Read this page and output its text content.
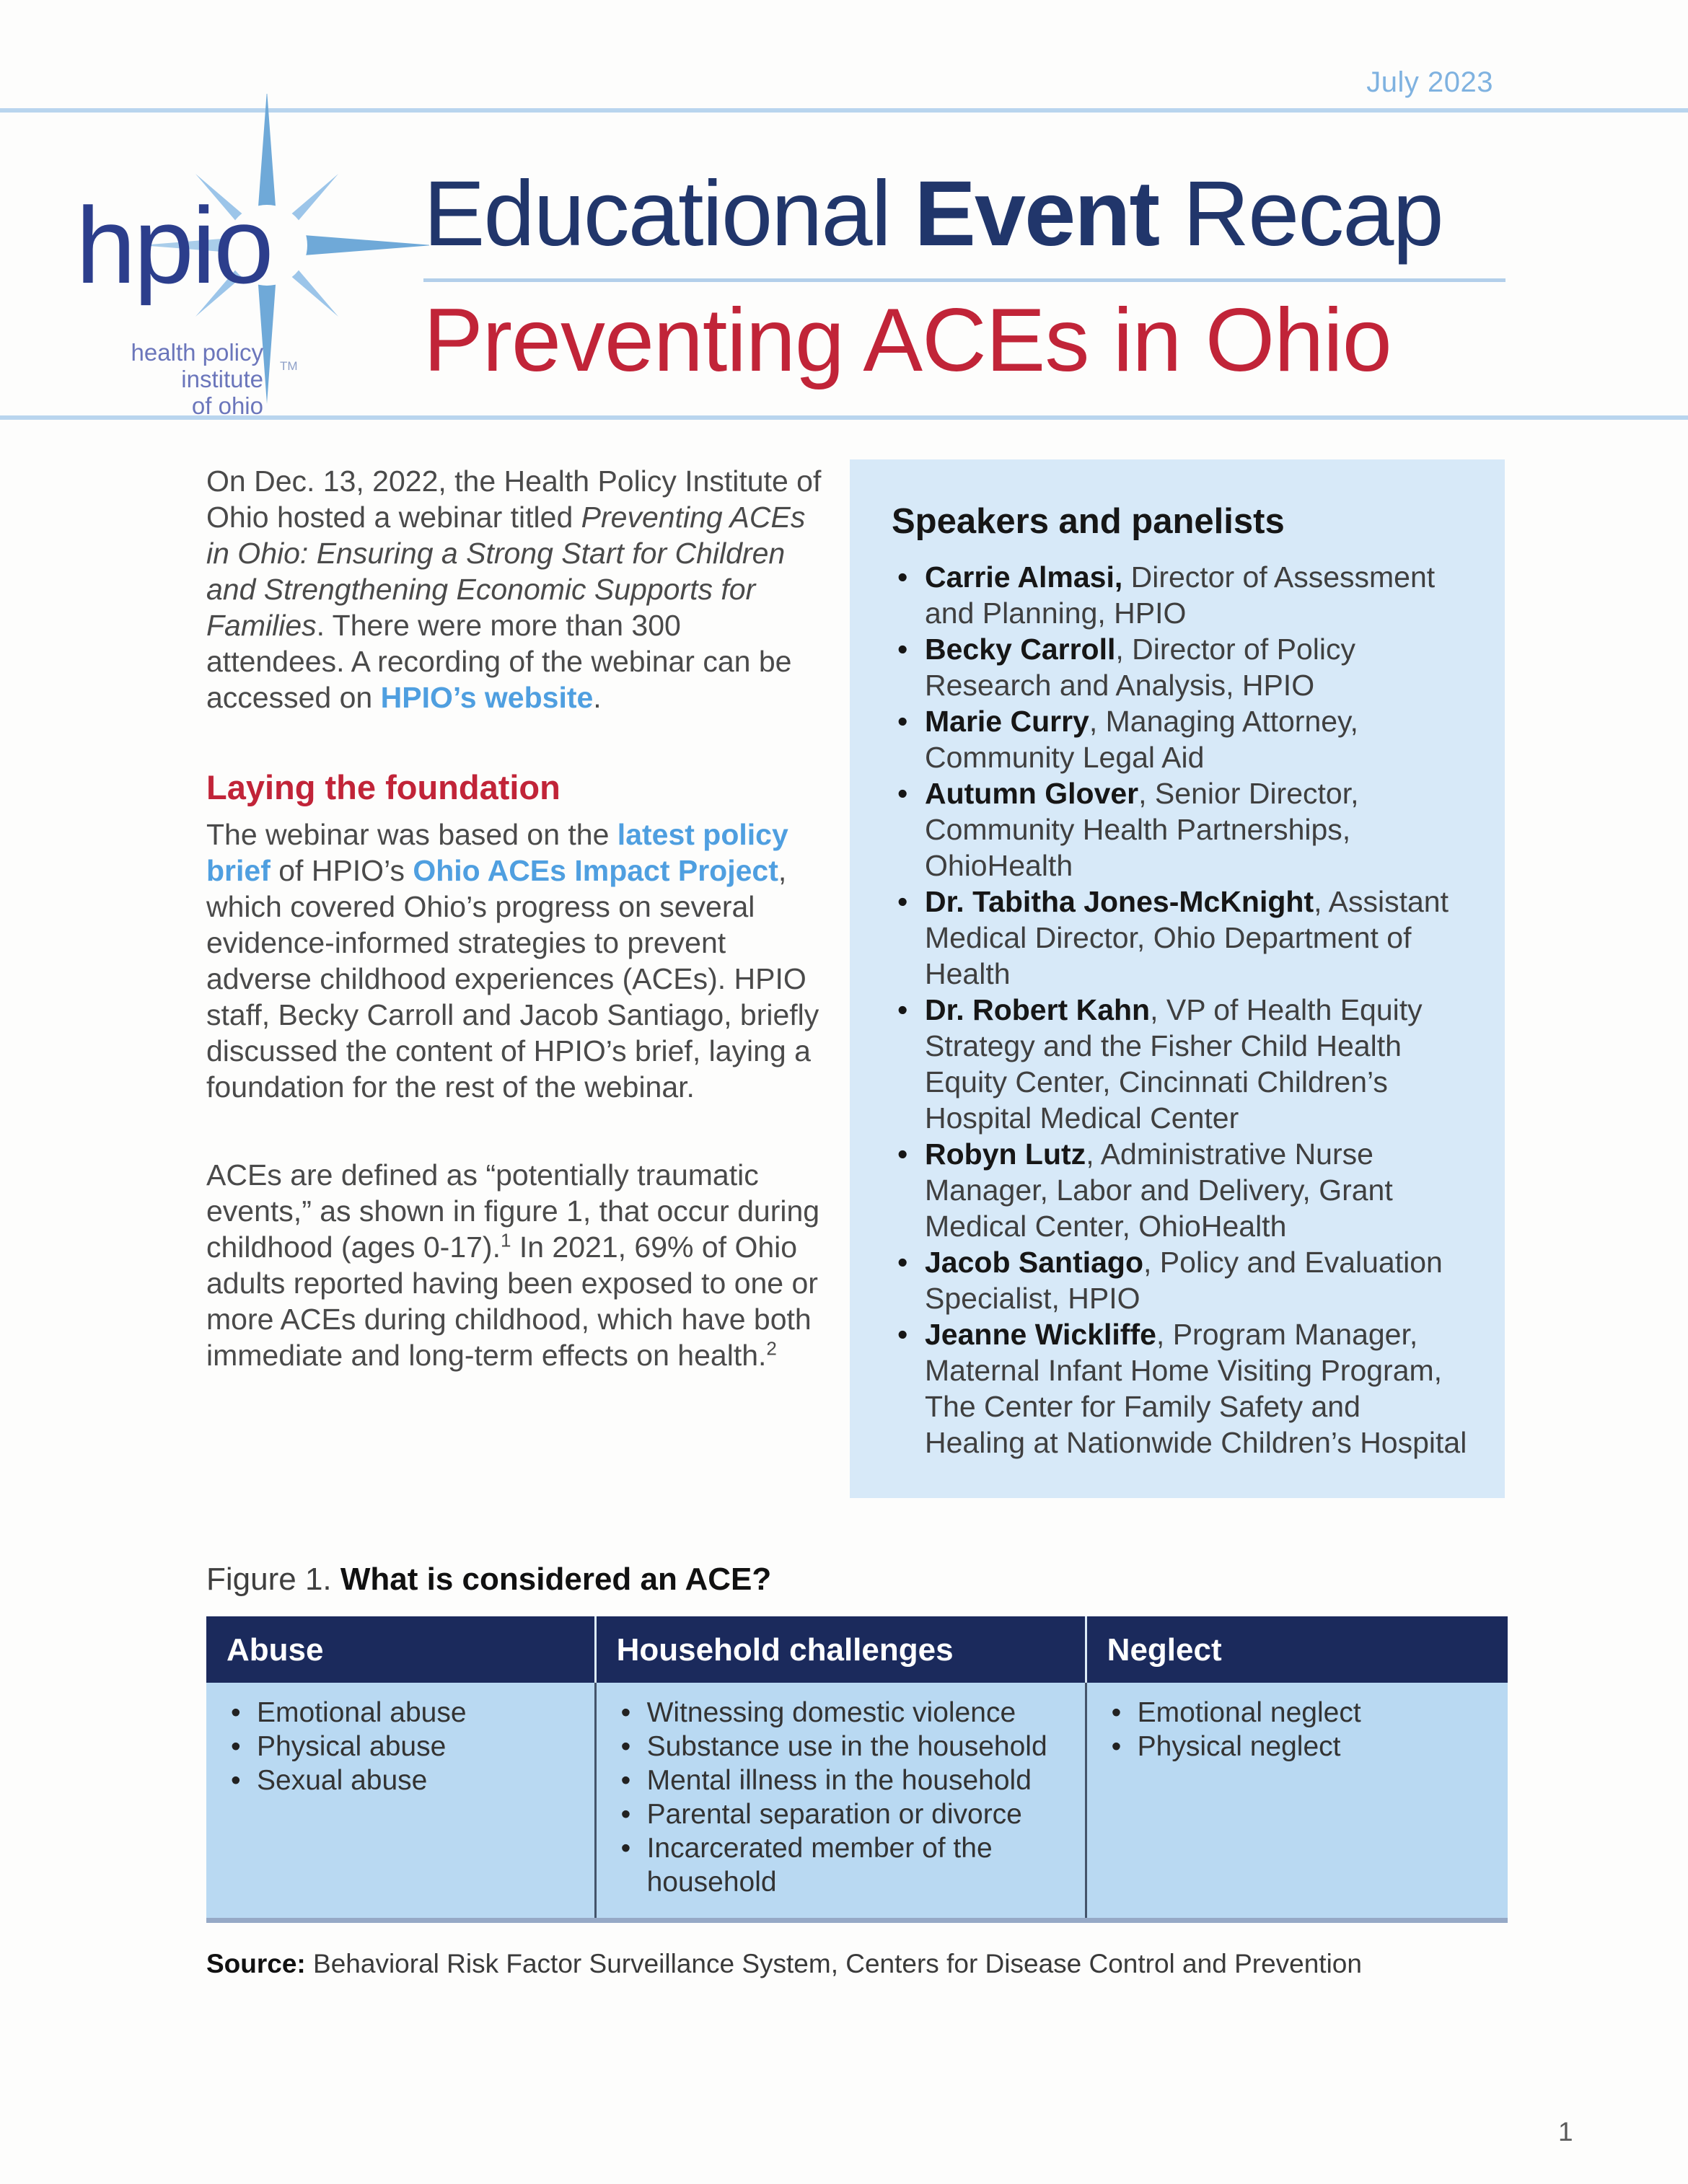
July 2023
hpio
health policy institute
of ohio
TM
Educational Event Recap
Preventing ACEs in Ohio

On Dec. 13, 2022, the Health Policy Institute of Ohio hosted a webinar titled Preventing ACEs in Ohio: Ensuring a Strong Start for Children and Strengthening Economic Supports for Families. There were more than 300 attendees. A recording of the webinar can be accessed on HPIO’s website.

Laying the foundation

The webinar was based on the latest policy brief of HPIO’s Ohio ACEs Impact Project, which covered Ohio’s progress on several evidence-informed strategies to prevent adverse childhood experiences (ACEs). HPIO staff, Becky Carroll and Jacob Santiago, briefly discussed the content of HPIO’s brief, laying a foundation for the rest of the webinar.

ACEs are defined as “potentially traumatic events,” as shown in figure 1, that occur during childhood (ages 0-17).$^1$ In 2021, 69% of Ohio adults reported having been exposed to one or more ACEs during childhood, which have both immediate and long-term effects on health.$^2$

Speakers and panelists
• Carrie Almasi, Director of Assessment and Planning, HPIO
• Becky Carroll, Director of Policy Research and Analysis, HPIO
• Marie Curry, Managing Attorney, Community Legal Aid
• Autumn Glover, Senior Director, Community Health Partnerships, OhioHealth
• Dr. Tabitha Jones-McKnight, Assistant Medical Director, Ohio Department of Health
• Dr. Robert Kahn, VP of Health Equity Strategy and the Fisher Child Health Equity Center, Cincinnati Children’s Hospital Medical Center
• Robyn Lutz, Administrative Nurse Manager, Labor and Delivery, Grant Medical Center, OhioHealth
• Jacob Santiago, Policy and Evaluation Specialist, HPIO
• Jeanne Wickliffe, Program Manager, Maternal Infant Home Visiting Program, The Center for Family Safety and Healing at Nationwide Children’s Hospital

Figure 1. What is considered an ACE?

Abuse	Household challenges	Neglect
• Emotional abuse
• Physical abuse
• Sexual abuse
• Witnessing domestic violence
• Substance use in the household
• Mental illness in the household
• Parental separation or divorce
• Incarcerated member of the household
• Emotional neglect
• Physical neglect

Source: Behavioral Risk Factor Surveillance System, Centers for Disease Control and Prevention

1
